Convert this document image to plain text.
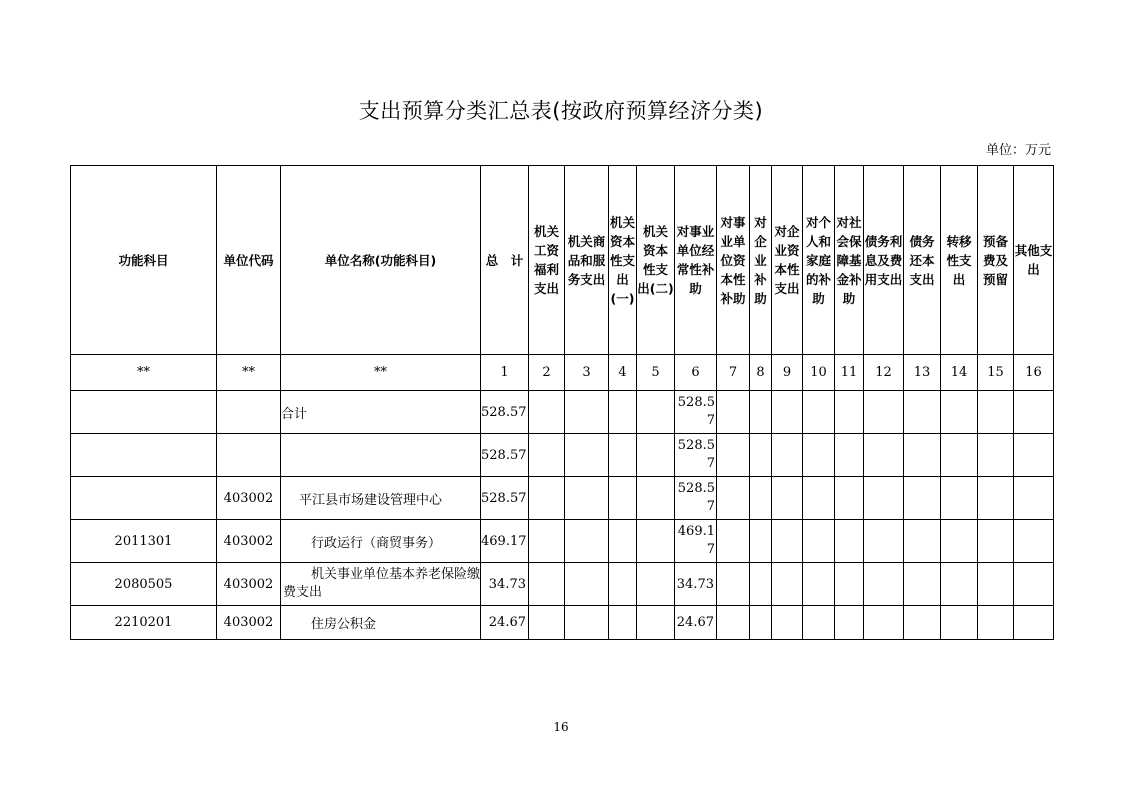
支出预算分类汇总表(按政府预算经济分类)
单位：万元
功能科目	单位代码	单位名称(功能科目)	总　计	机关工资福利支出	机关商品和服务支出	机关资本性支出(一)	机关资本性支出(二)	对事业单位经常性补助	对事业单位资本性补助	对企业补助	对企业资本性支出	对个人和家庭的补助	对社会保障基金补助	债务利息及费用支出	债务还本支出	转移性支出	预备费及预留	其他支出
**	**	**	1	2	3	4	5	6	7	8	9	10	11	12	13	14	15	16
		合计	528.57					528.57										
			528.57					528.57										
	403002	平江县市场建设管理中心	528.57					528.57										
2011301	403002	行政运行（商贸事务）	469.17					469.17										
2080505	403002	机关事业单位基本养老保险缴费支出	34.73					34.73										
2210201	403002	住房公积金	24.67					24.67										
16
